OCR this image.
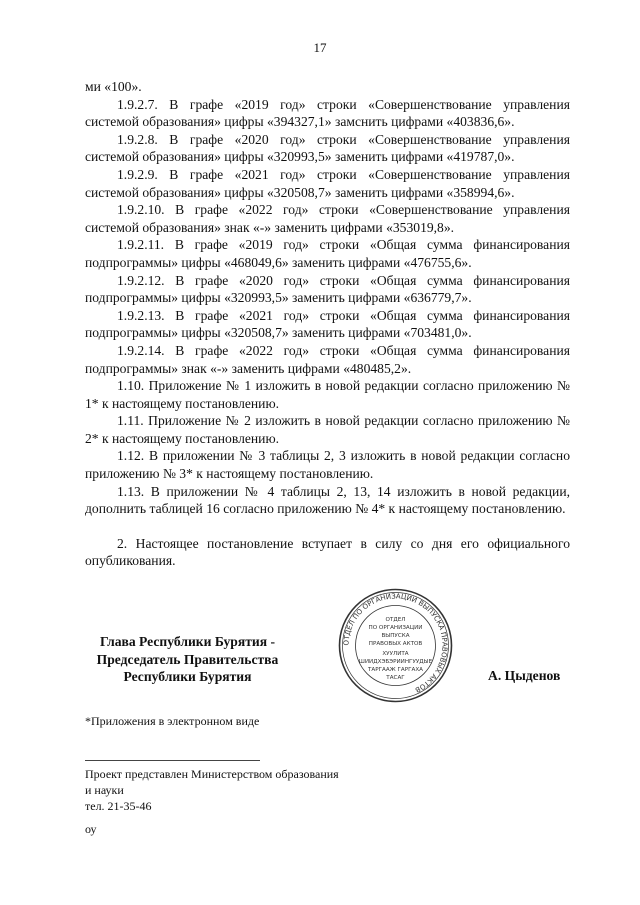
17

ми «100».

1.9.2.7. В графе «2019 год» строки «Совершенствование управления системой образования» цифры «394327,1» замснить цифрами «403836,6».

1.9.2.8. В графе «2020 год» строки «Совершенствование управления системой образования» цифры «320993,5» заменить цифрами «419787,0».

1.9.2.9. В графе «2021 год» строки «Совершенствование управления системой образования» цифры «320508,7» заменить цифрами «358994,6».

1.9.2.10. В графе «2022 год» строки «Совершенствование управления системой образования» знак «-» заменить цифрами «353019,8».

1.9.2.11. В графе «2019 год» строки «Общая сумма финансирования подпрограммы» цифры «468049,6» заменить цифрами «476755,6».

1.9.2.12. В графе «2020 год» строки «Общая сумма финансирования подпрограммы» цифры «320993,5» заменить цифрами «636779,7».

1.9.2.13. В графе «2021 год» строки «Общая сумма финансирования подпрограммы» цифры «320508,7» заменить цифрами «703481,0».

1.9.2.14. В графе «2022 год» строки «Общая сумма финансирования подпрограммы» знак «-» заменить цифрами «480485,2».

1.10. Приложение № 1 изложить в новой редакции согласно приложению № 1* к настоящему постановлению.

1.11. Приложение № 2 изложить в новой редакции согласно приложению № 2* к настоящему постановлению.

1.12. В приложении № 3 таблицы 2, 3 изложить в новой редакции согласно приложению № 3* к настоящему постановлению.

1.13. В приложении № 4 таблицы 2, 13, 14 изложить в новой редакции, дополнить таблицей 16 согласно приложению № 4* к настоящему постановлению.

2. Настоящее постановление вступает в силу со дня его официального опубликования.

Глава Республики Бурятия -
Председатель Правительства
Республики Бурятия
ОТДЕЛ ПО ОРГАНИЗАЦИИ ВЫПУСКА ПРАВОВЫХ АКТОВ
ОТДЕЛ
ПО ОРГАНИЗАЦИИ
ВЫПУСКА
ПРАВОВЫХ АКТОВ
ХУУЛИТА
ШИИДХЭБЭРИИНГУУДЫЕ
ТАРГААЖ ГАРГАХА
ТАСАГ	А. Цыденов
*Приложения в электронном виде
Проект представлен Министерством образования
и науки
тел. 21-35-46
оу
